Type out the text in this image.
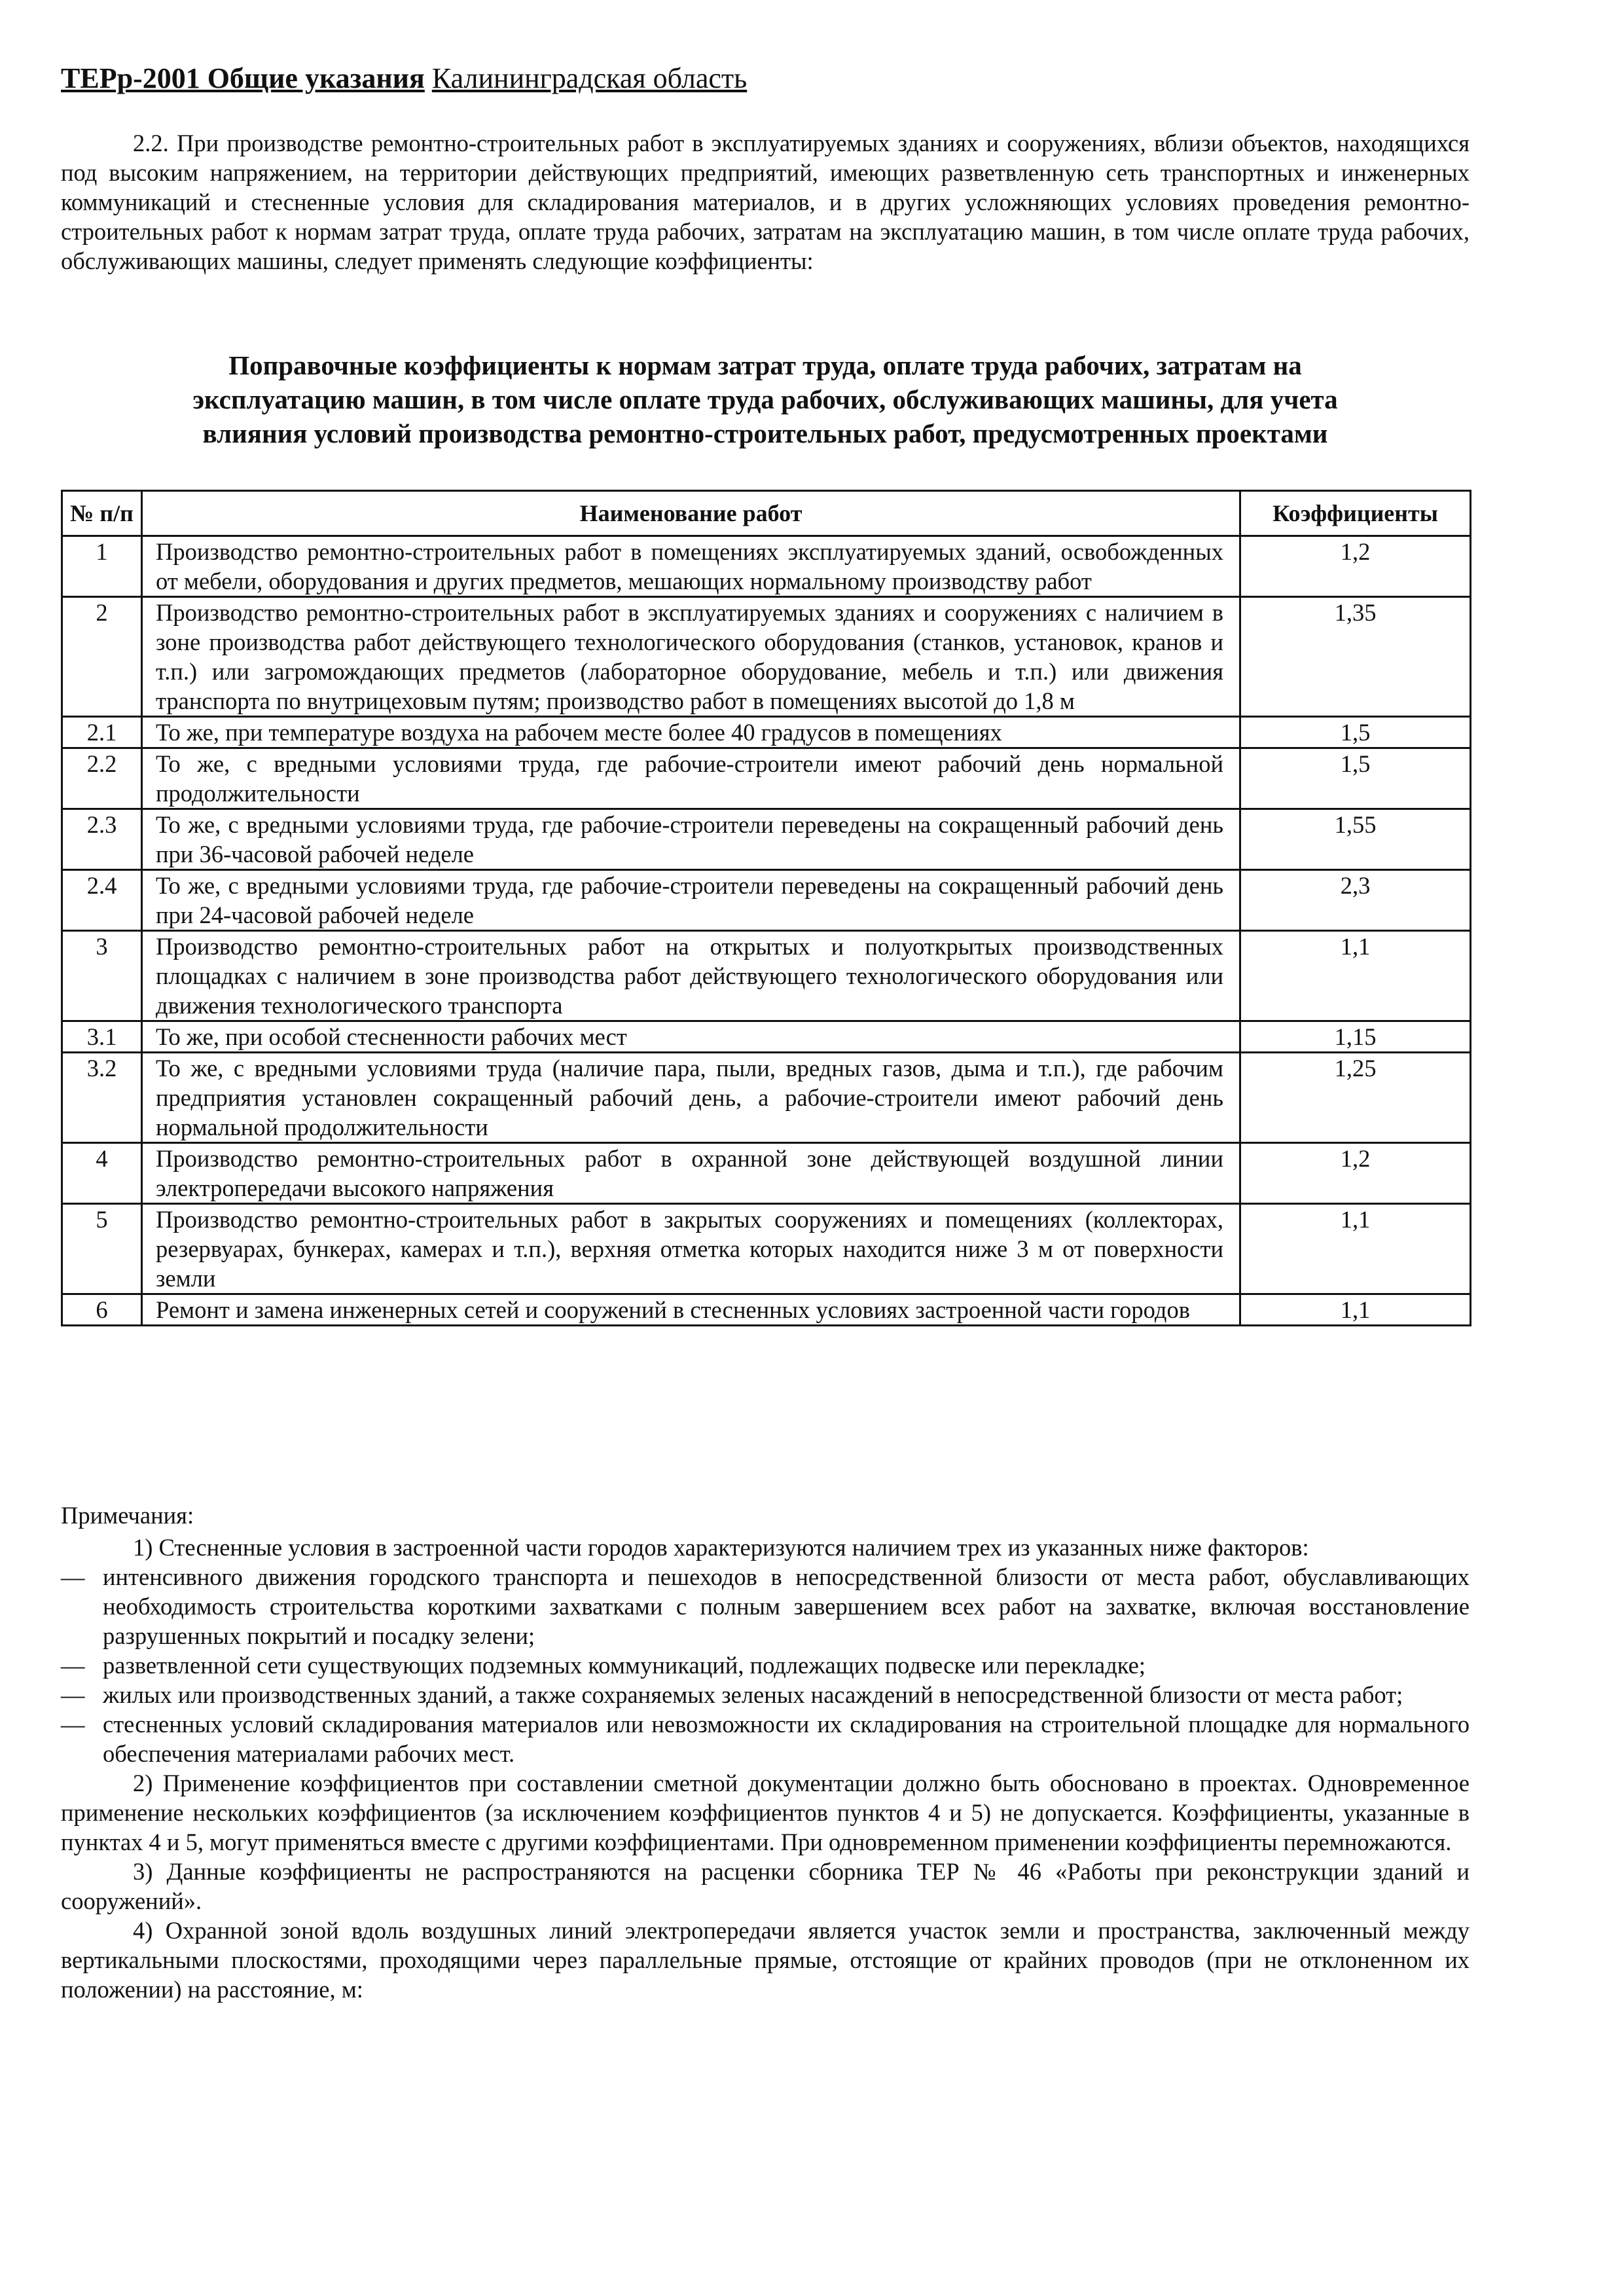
ТЕРр-2001 Общие указания Калининградская область

2.2. При производстве ремонтно-строительных работ в эксплуатируемых зданиях и сооружениях, вблизи объектов, находящихся под высоким напряжением, на территории действующих предприятий, имеющих разветвленную сеть транспортных и инженерных коммуникаций и стесненные условия для складирования материалов, и в других усложняющих условиях проведения ремонтно-строительных работ к нормам затрат труда, оплате труда рабочих, затратам на эксплуатацию машин, в том числе оплате труда рабочих, обслуживающих машины, следует применять следующие коэффициенты:

Поправочные коэффициенты к нормам затрат труда, оплате труда рабочих, затратам на
эксплуатацию машин, в том числе оплате труда рабочих, обслуживающих машины, для учета
влияния условий производства ремонтно-строительных работ, предусмотренных проектами
№ п/п	Наименование работ	Коэффициенты
1	Производство ремонтно-строительных работ в помещениях эксплуатируемых зданий, освобожденных от мебели, оборудования и других предметов, мешающих нормальному производству работ	1,2
2	Производство ремонтно-строительных работ в эксплуатируемых зданиях и сооружениях с наличием в зоне производства работ действующего технологического оборудования (станков, установок, кранов и т.п.) или загромождающих предметов (лабораторное оборудование, мебель и т.п.) или движения транспорта по внутрицеховым путям; производство работ в помещениях высотой до 1,8 м	1,35
2.1	То же, при температуре воздуха на рабочем месте более 40 градусов в помещениях	1,5
2.2	То же, с вредными условиями труда, где рабочие-строители имеют рабочий день нормальной продолжительности	1,5
2.3	То же, с вредными условиями труда, где рабочие-строители переведены на сокращенный рабочий день при 36-часовой рабочей неделе	1,55
2.4	То же, с вредными условиями труда, где рабочие-строители переведены на сокращенный рабочий день при 24-часовой рабочей неделе	2,3
3	Производство ремонтно-строительных работ на открытых и полуоткрытых производственных площадках с наличием в зоне производства работ действующего технологического оборудования или движения технологического транспорта	1,1
3.1	То же, при особой стесненности рабочих мест	1,15
3.2	То же, с вредными условиями труда (наличие пара, пыли, вредных газов, дыма и т.п.), где рабочим предприятия установлен сокращенный рабочий день, а рабочие-строители имеют рабочий день нормальной продолжительности	1,25
4	Производство ремонтно-строительных работ в охранной зоне действующей воздушной линии электропередачи высокого напряжения	1,2
5	Производство ремонтно-строительных работ в закрытых сооружениях и помещениях (коллекторах, резервуарах, бункерах, камерах и т.п.), верхняя отметка которых находится ниже 3 м от поверхности земли	1,1
6	Ремонт и замена инженерных сетей и сооружений в стесненных условиях застроенной части городов	1,1

Примечания:

1) Стесненные условия в застроенной части городов характеризуются наличием трех из указанных ниже факторов:

— интенсивного движения городского транспорта и пешеходов в непосредственной близости от места работ, обуславливающих необходимость строительства короткими захватками с полным завершением всех работ на захватке, включая восстановление разрушенных покрытий и посадку зелени;

— разветвленной сети существующих подземных коммуникаций, подлежащих подвеске или перекладке;

— жилых или производственных зданий, а также сохраняемых зеленых насаждений в непосредственной близости от места работ;

— стесненных условий складирования материалов или невозможности их складирования на строительной площадке для нормального обеспечения материалами рабочих мест.

2) Применение коэффициентов при составлении сметной документации должно быть обосновано в проектах. Одновременное применение нескольких коэффициентов (за исключением коэффициентов пунктов 4 и 5) не допускается. Коэффициенты, указанные в пунктах 4 и 5, могут применяться вместе с другими коэффициентами. При одновременном применении коэффициенты перемножаются.

3) Данные коэффициенты не распространяются на расценки сборника ТЕР № 46 «Работы при реконструкции зданий и сооружений».

4) Охранной зоной вдоль воздушных линий электропередачи является участок земли и пространства, заключенный между вертикальными плоскостями, проходящими через параллельные прямые, отстоящие от крайних проводов (при не отклоненном их положении) на расстояние, м:
